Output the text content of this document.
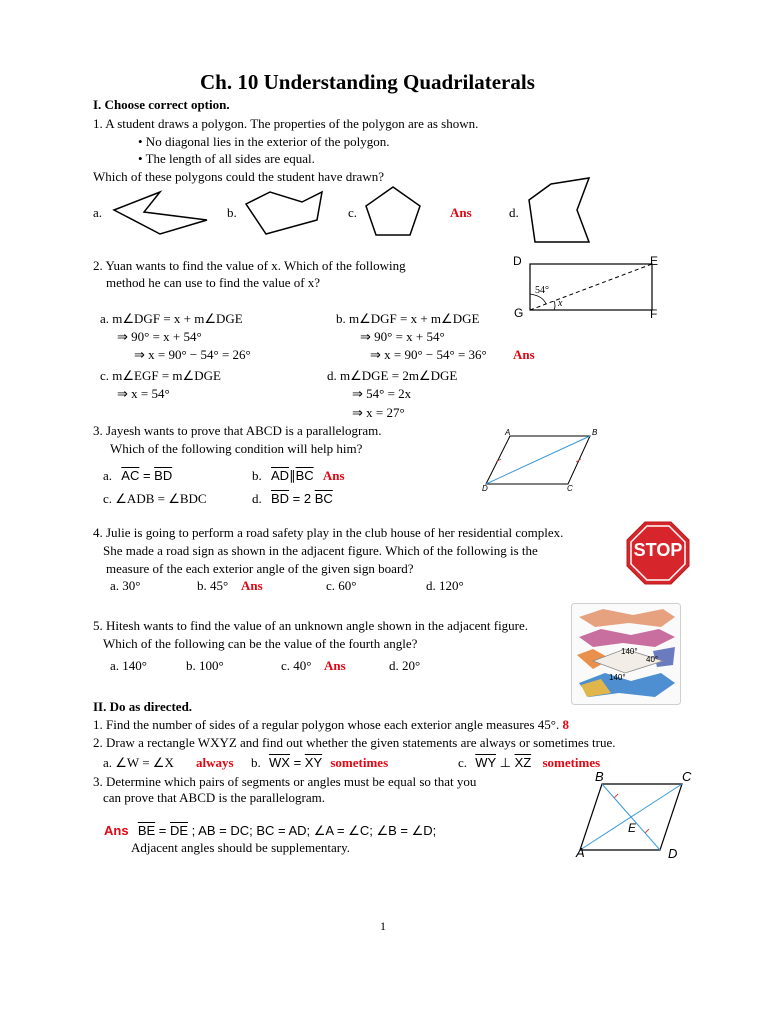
Ch. 10 Understanding Quadrilaterals
I. Choose correct option.
1. A student draws a polygon. The properties of the polygon are as shown.
• No diagonal lies in the exterior of the polygon.
• The length of all sides are equal.
Which of these polygons could the student have drawn?
a.	b.	c.	Ans	d.
2. Yuan wants to find the value of x. Which of the following
method he can use to find the value of x?
D	E
G	F
54°
x
a. m∠DGF = x + m∠DGE
⇒ 90° = x + 54°
⇒ x = 90° − 54° = 26°
b. m∠DGF = x + m∠DGE
⇒ 90° = x + 54°
⇒ x = 90° − 54° = 36° Ans
c. m∠EGF = m∠DGE
⇒ x = 54°
d. m∠DGE = 2m∠DGE
⇒ 54° = 2x
⇒ x = 27°
3. Jayesh wants to prove that ABCD is a parallelogram.
Which of the following condition will help him?
A	B
C
D
a. $\overline{AC} = \overline{BD}$	b. $\overline{AD}\parallel\overline{BC}$ Ans
c. ∠ADB = ∠BDC	d. $\overline{BD} = 2$ $\overline{BC}$
4. Julie is going to perform a road safety play in the club house of her residential complex.
She made a road sign as shown in the adjacent figure. Which of the following is the
measure of the each exterior angle of the given sign board?
a. 30°	b. 45° Ans	c. 60°	d. 120°
STOP
5. Hitesh wants to find the value of an unknown angle shown in the adjacent figure.
Which of the following can be the value of the fourth angle?
a. 140°	b. 100°	c. 40° Ans	d. 20°
140°
40°
140°
II. Do as directed.
1. Find the number of sides of a regular polygon whose each exterior angle measures 45°. 8
2. Draw a rectangle WXYZ and find out whether the given statements are always or sometimes true.
a. ∠W = ∠X always b. $\overline{WX} = \overline{XY}$ sometimes	c. $\overline{WY}$ ⊥ $\overline{XZ}$ sometimes
3. Determine which pairs of segments or angles must be equal so that you
can prove that ABCD is the parallelogram.
Ans $\overline{BE} = \overline{DE}$ ; AB = DC; BC = AD; ∠A = ∠C; ∠B = ∠D;
Adjacent angles should be supplementary.
B	C
A	D
E
1
